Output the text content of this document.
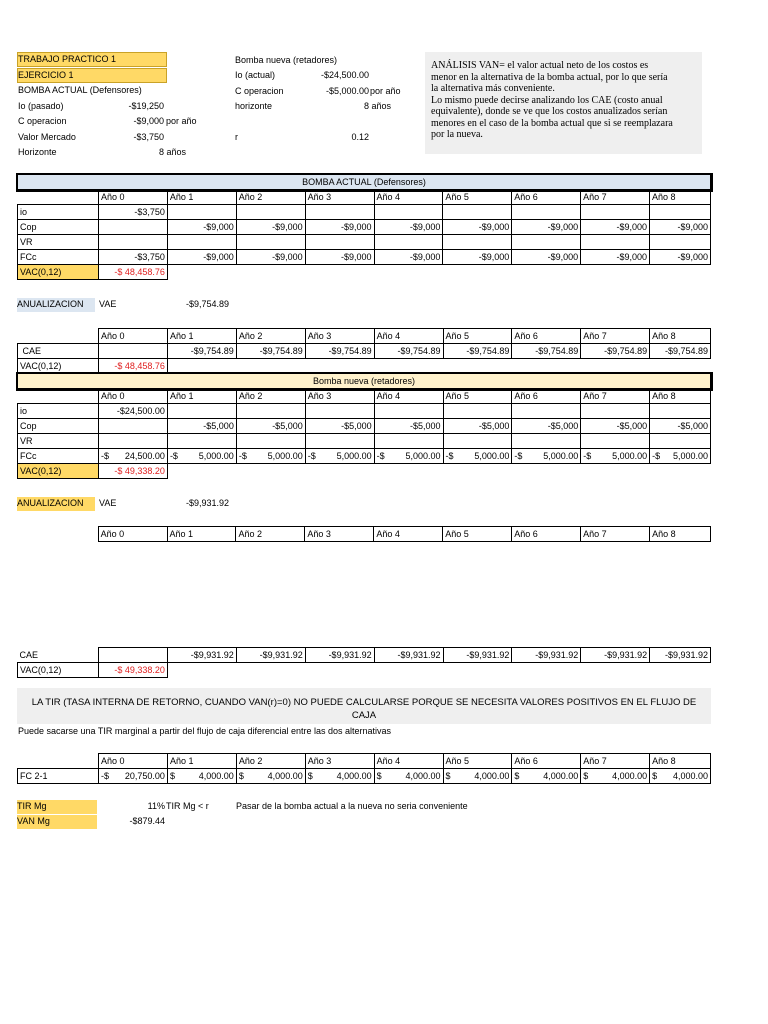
TRABAJO PRACTICO 1
EJERCICIO 1
BOMBA ACTUAL (Defensores)
Io (pasado)	-$19,250
C operacion	-$9,000 por año
Valor Mercado	-$3,750
Horizonte	8 años
Bomba nueva (retadores)
Io (actual)	-$24,500.00
C operacion	-$5,000.00 por año
horizonte	8 años
r	0.12
ANÁLISIS VAN= el valor actual neto de los costos es
menor en la alternativa de la bomba actual, por lo que sería
la alternativa más conveniente.
Lo mismo puede decirse analizando los CAE (costo anual
equivalente), donde se ve que los costos anualizados serían
menores en el caso de la bomba actual que si se reemplazara
por la nueva.
BOMBA ACTUAL (Defensores)									
	Año 0	Año 1	Año 2	Año 3	Año 4	Año 5	Año 6	Año 7	Año 8
io	-$3,750								
Cop		-$9,000	-$9,000	-$9,000	-$9,000	-$9,000	-$9,000	-$9,000	-$9,000
VR									
FCc	-$3,750	-$9,000	-$9,000	-$9,000	-$9,000	-$9,000	-$9,000	-$9,000	-$9,000
VAC(0,12)	-$ 48,458.76								
ANUALIZACION	VAE	-$9,754.89
	Año 0	Año 1	Año 2	Año 3	Año 4	Año 5	Año 6	Año 7	Año 8
CAE		-$9,754.89	-$9,754.89	-$9,754.89	-$9,754.89	-$9,754.89	-$9,754.89	-$9,754.89	-$9,754.89
VAC(0,12)	-$ 48,458.76								
Bomba nueva (retadores)									
	Año 0	Año 1	Año 2	Año 3	Año 4	Año 5	Año 6	Año 7	Año 8
io	-$24,500.00								
Cop		-$5,000	-$5,000	-$5,000	-$5,000	-$5,000	-$5,000	-$5,000	-$5,000
VR									
FCc	-$ 24,500.00	-$ 5,000.00	-$ 5,000.00	-$ 5,000.00	-$ 5,000.00	-$ 5,000.00	-$ 5,000.00	-$ 5,000.00	-$ 5,000.00

VAC(0,12)	-$ 49,338.20								
ANUALIZACION	VAE	-$9,931.92
	Año 0	Año 1	Año 2	Año 3	Año 4	Año 5	Año 6	Año 7	Año 8
CAE		-$9,931.92	-$9,931.92	-$9,931.92	-$9,931.92	-$9,931.92	-$9,931.92	-$9,931.92	-$9,931.92
VAC(0,12)	-$ 49,338.20								
LA TIR (TASA INTERNA DE RETORNO, CUANDO VAN(r)=0) NO PUEDE CALCULARSE PORQUE SE NECESITA VALORES POSITIVOS EN EL FLUJO DE
CAJA
Puede sacarse una TIR marginal a partir del flujo de caja diferencial entre las dos alternativas
	Año 0	Año 1	Año 2	Año 3	Año 4	Año 5	Año 6	Año 7	Año 8
FC 2-1	-$ 20,750.00	$ 4,000.00	$ 4,000.00	$ 4,000.00	$ 4,000.00	$ 4,000.00	$ 4,000.00	$ 4,000.00	$ 4,000.00
TIR Mg	11% TIR Mg < r	Pasar de la bomba actual a la nueva no seria conveniente
VAN Mg	-$879.44
